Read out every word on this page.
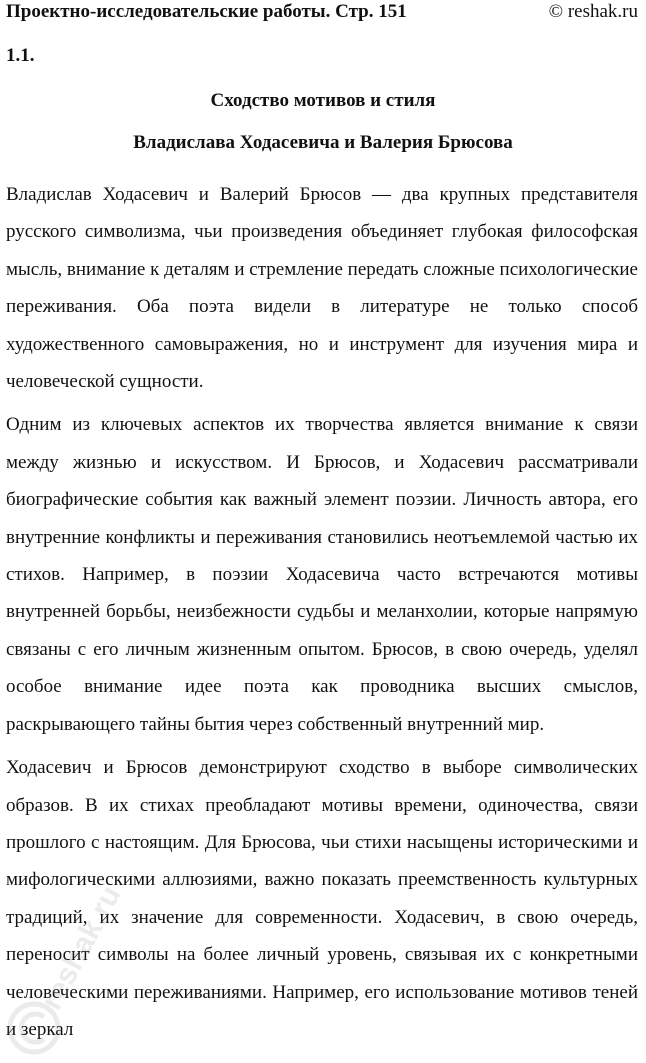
Проектно-исследовательские работы. Стр. 151	© reshak.ru
1.1.
Сходство мотивов и стиля
Владислава Ходасевича и Валерия Брюсова

Владислав Ходасевич и Валерий Брюсов — два крупных представителя русского символизма, чьи произведения объединяет глубокая философская мысль, внимание к деталям и стремление передать сложные психологические переживания. Оба поэта видели в литературе не только способ художественного самовыражения, но и инструмент для изучения мира и человеческой сущности.

Одним из ключевых аспектов их творчества является внимание к связи между жизнью и искусством. И Брюсов, и Ходасевич рассматривали биографические события как важный элемент поэзии. Личность автора, его внутренние конфликты и переживания становились неотъемлемой частью их стихов. Например, в поэзии Ходасевича часто встречаются мотивы внутренней борьбы, неизбежности судьбы и меланхолии, которые напрямую связаны с его личным жизненным опытом. Брюсов, в свою очередь, уделял особое внимание идее поэта как проводника высших смыслов, раскрывающего тайны бытия через собственный внутренний мир.

Ходасевич и Брюсов демонстрируют сходство в выборе символических образов. В их стихах преобладают мотивы времени, одиночества, связи прошлого с настоящим. Для Брюсова, чьи стихи насыщены историческими и мифологическими аллюзиями, важно показать преемственность культурных традиций, их значение для современности. Ходасевич, в свою очередь, переносит символы на более личный уровень, связывая их с конкретными человеческими переживаниями. Например, его использование мотивов теней и зеркал

reshak.ru
